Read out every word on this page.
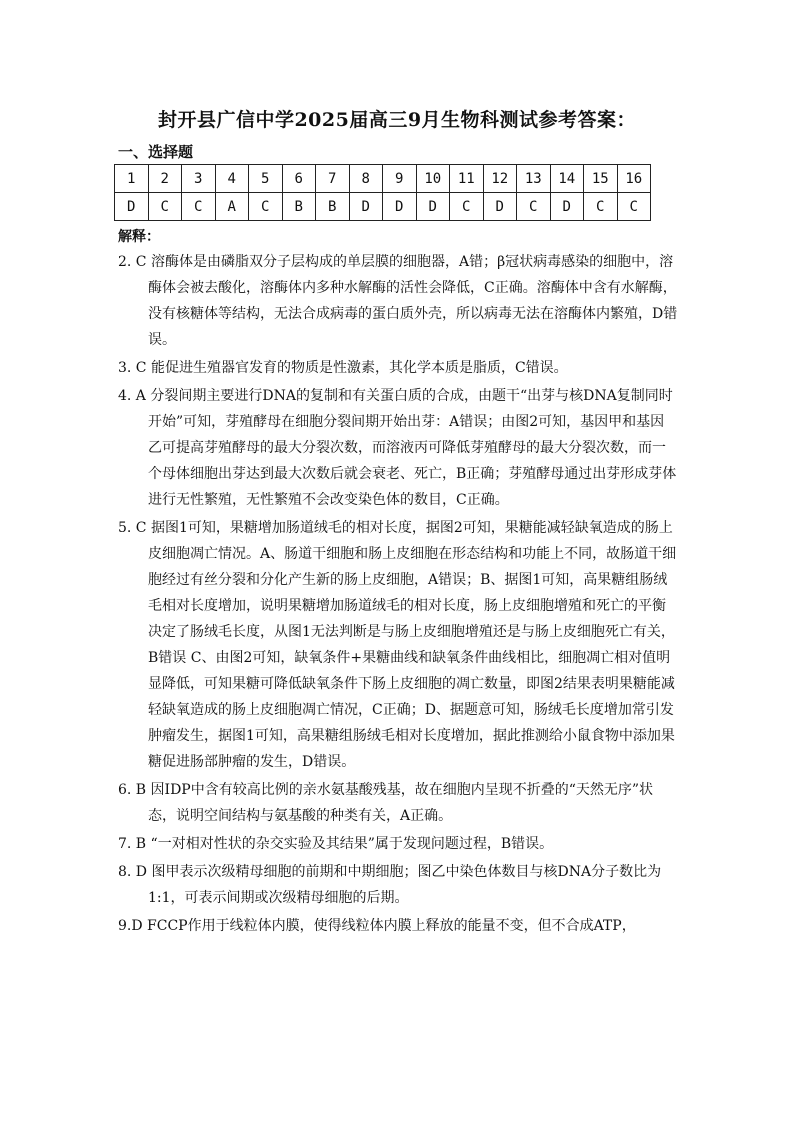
封开县广信中学2025届高三9月生物科测试参考答案：
一、选择题
1	2	3	4	5	6	7	8	9	10	11	12	13	14	15	16
D	C	C	A	C	B	B	D	D	D	C	D	C	D	C	C
解释：
2. C 溶酶体是由磷脂双分子层构成的单层膜的细胞器，A错；β冠状病毒感染的细胞中，溶酶体会被去酸化，溶酶体内多种水解酶的活性会降低，C正确。溶酶体中含有水解酶，没有核糖体等结构，无法合成病毒的蛋白质外壳，所以病毒无法在溶酶体内繁殖，D错误。
3. C 能促进生殖器官发育的物质是性激素，其化学本质是脂质，C错误。
4. A 分裂间期主要进行DNA的复制和有关蛋白质的合成，由题干“出芽与核DNA复制同时开始”可知，芽殖酵母在细胞分裂间期开始出芽：A错误；由图2可知，基因甲和基因乙可提高芽殖酵母的最大分裂次数，而溶液丙可降低芽殖酵母的最大分裂次数，而一个母体细胞出芽达到最大次数后就会衰老、死亡，B正确；芽殖酵母通过出芽形成芽体进行无性繁殖，无性繁殖不会改变染色体的数目，C正确。
5. C 据图1可知，果糖增加肠道绒毛的相对长度，据图2可知，果糖能减轻缺氧造成的肠上皮细胞凋亡情况。A、肠道干细胞和肠上皮细胞在形态结构和功能上不同，故肠道干细胞经过有丝分裂和分化产生新的肠上皮细胞，A错误；B、据图1可知，高果糖组肠绒毛相对长度增加，说明果糖增加肠道绒毛的相对长度，肠上皮细胞增殖和死亡的平衡决定了肠绒毛长度，从图1无法判断是与肠上皮细胞增殖还是与肠上皮细胞死亡有关，B错误 C、由图2可知，缺氧条件+果糖曲线和缺氧条件曲线相比，细胞凋亡相对值明显降低，可知果糖可降低缺氧条件下肠上皮细胞的凋亡数量，即图2结果表明果糖能减轻缺氧造成的肠上皮细胞凋亡情况，C正确；D、据题意可知，肠绒毛长度增加常引发肿瘤发生，据图1可知，高果糖组肠绒毛相对长度增加，据此推测给小鼠食物中添加果糖促进肠部肿瘤的发生，D错误。
6. B 因IDP中含有较高比例的亲水氨基酸残基，故在细胞内呈现不折叠的“天然无序”状态，说明空间结构与氨基酸的种类有关，A正确。
7. B “一对相对性状的杂交实验及其结果”属于发现问题过程，B错误。
8. D 图甲表示次级精母细胞的前期和中期细胞；图乙中染色体数目与核DNA分子数比为1:1，可表示间期或次级精母细胞的后期。
9.D FCCP作用于线粒体内膜，使得线粒体内膜上释放的能量不变，但不合成ATP，
